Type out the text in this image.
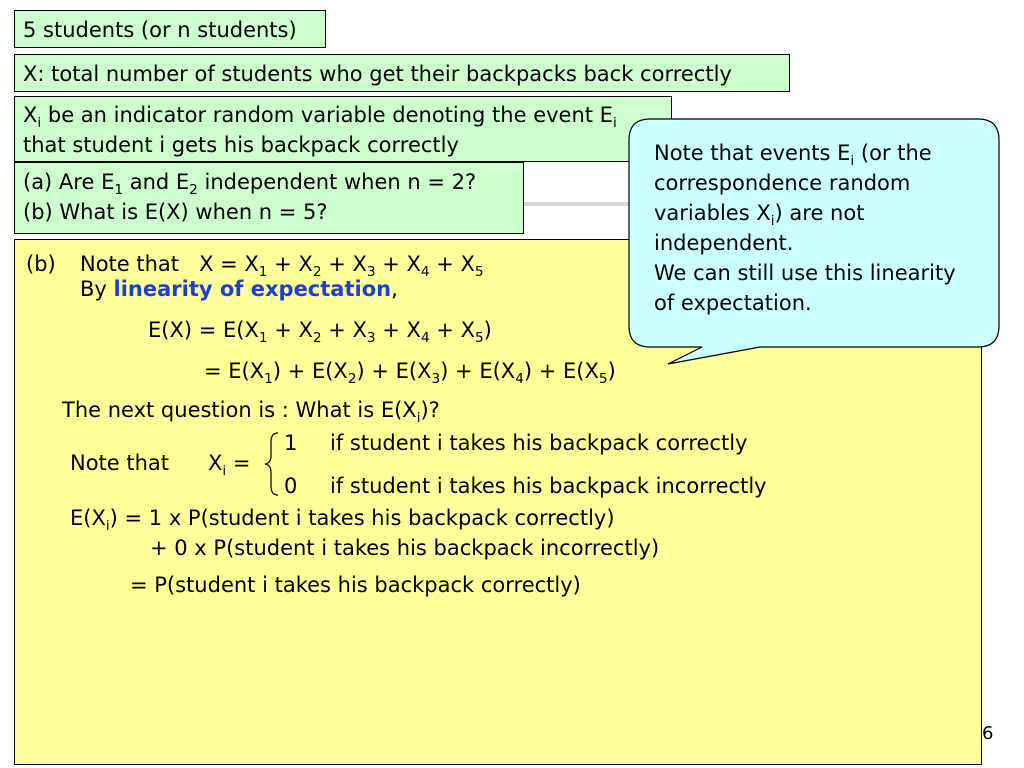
5 students (or n students)
X: total number of students who get their backpacks back correctly
$X_i$ be an indicator random variable denoting the event $E_i$
that student i gets his backpack correctly
(a) Are $E_1$ and $E_2$ independent when n = 2?
(b) What is E(X) when n = 5?
(b) Note that   $X = X_1 + X_2 + X_3 + X_4 + X_5$
By linearity of expectation,
$E(X) = E(X_1 + X_2 + X_3 + X_4 + X_5)$
= $E(X_1) + E(X_2) + E(X_3) + E(X_4) + E(X_5)$
The next question is : What is $E(X_i)$?
Note that $X_i$ =
1 if student i takes his backpack correctly
0 if student i takes his backpack incorrectly
$E(X_i) = 1$ x P(student i takes his backpack correctly)
+ 0 x P(student i takes his backpack incorrectly)
= P(student i takes his backpack correctly)
Note that events $E_i$ (or the
correspondence random
variables $X_i$) are not
independent.
We can still use this linearity
of expectation.
6
